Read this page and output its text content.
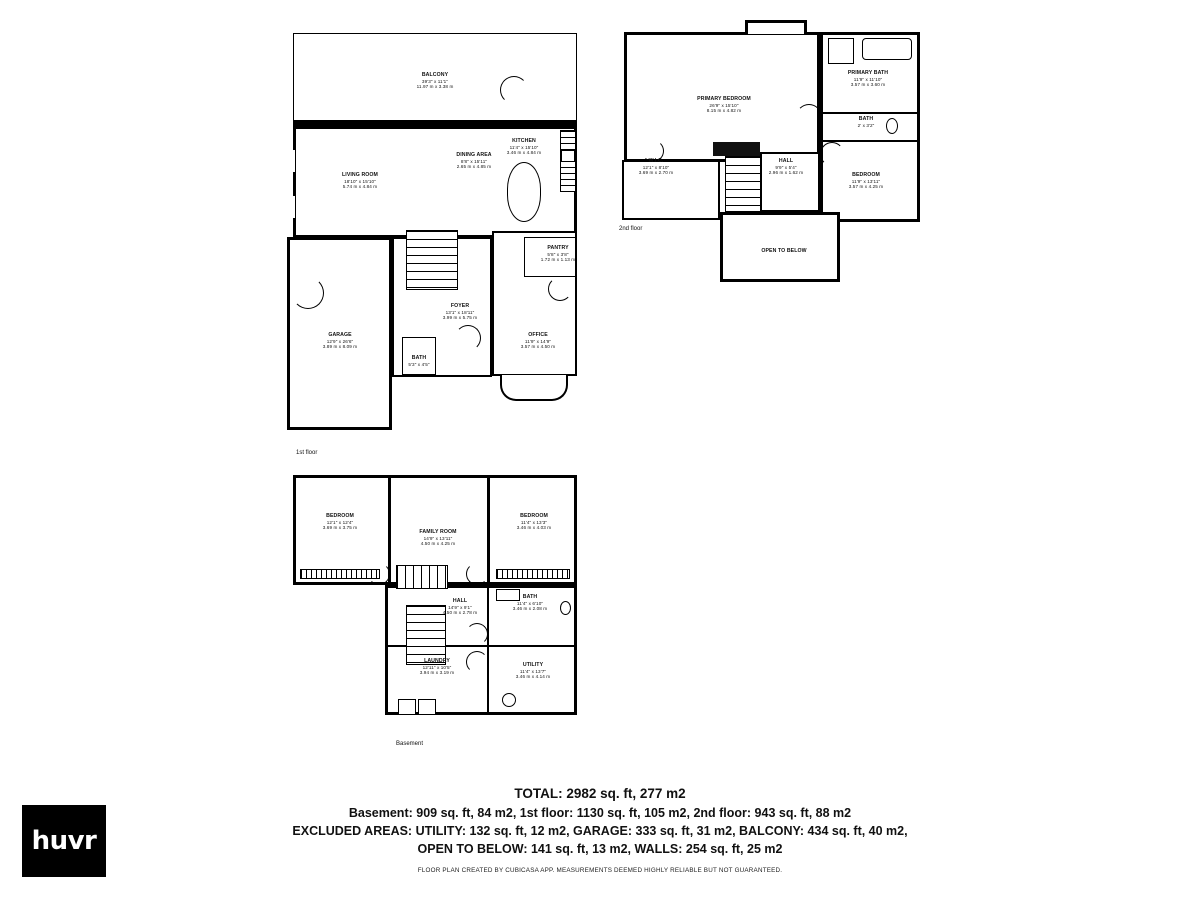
BALCONY
39'3" x 11'1"
11.97 m x 3.38 m
KITCHEN
11'4" x 15'10"
3.46 m x 4.84 m
DINING AREA
8'8" x 15'11"
2.65 m x 4.85 m
LIVING ROOM
18'10" x 15'10"
5.74 m x 4.84 m
PANTRY
5'8" x 3'8"
1.72 m x 1.13 m
FOYER
13'1" x 18'11"
3.99 m x 5.75 m
OFFICE
11'9" x 14'9"
3.57 m x 4.50 m
GARAGE
12'9" x 26'6"
3.89 m x 8.09 m
BATH
5'3" x 4'5"
1st floor
PRIMARY BEDROOM
26'9" x 15'10"
8.15 m x 4.82 m
PRIMARY BATH
11'9" x 11'10"
3.57 m x 3.60 m
BATH
2' x 3'2"
W.I.C.
12'1" x 8'10"
3.69 m x 2.70 m
HALL
9'9" x 5'4"
2.96 m x 1.62 m	BEDROOM
11'9" x 13'11"
3.57 m x 4.25 m
OPEN TO BELOW
2nd floor
BEDROOM
12'1" x 12'4"
3.69 m x 3.75 m
FAMILY ROOM
14'9" x 13'11"
4.50 m x 4.25 m
BEDROOM
11'4" x 13'3"
3.46 m x 4.03 m
HALL
14'9" x 9'1"
4.50 m x 2.78 m
BATH
11'4" x 6'10"
3.46 m x 2.08 m
LAUNDRY
12'11" x 10'5"
3.94 m x 3.19 m
UTILITY
11'4" x 13'7"
3.46 m x 4.14 m
Basement
TOTAL: 2982 sq. ft, 277 m2
Basement: 909 sq. ft, 84 m2, 1st floor: 1130 sq. ft, 105 m2, 2nd floor: 943 sq. ft, 88 m2
EXCLUDED AREAS: UTILITY: 132 sq. ft, 12 m2, GARAGE: 333 sq. ft, 31 m2, BALCONY: 434 sq. ft, 40 m2,
OPEN TO BELOW: 141 sq. ft, 13 m2, WALLS: 254 sq. ft, 25 m2
FLOOR PLAN CREATED BY CUBICASA APP. MEASUREMENTS DEEMED HIGHLY RELIABLE BUT NOT GUARANTEED.
huvr
